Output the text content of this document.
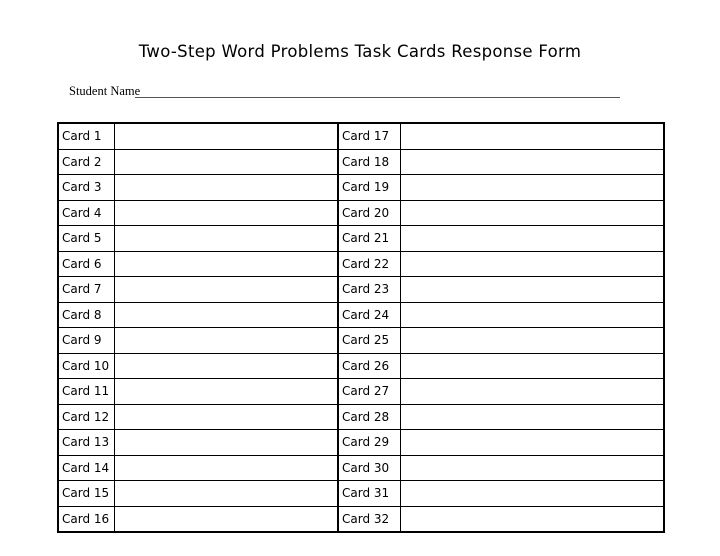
Two-Step Word Problems Task Cards Response Form
Student Name
Card 1		Card 17	
Card 2		Card 18	
Card 3		Card 19	
Card 4		Card 20	
Card 5		Card 21	
Card 6		Card 22	
Card 7		Card 23	
Card 8		Card 24	
Card 9		Card 25	
Card 10		Card 26	
Card 11		Card 27	
Card 12		Card 28	
Card 13		Card 29	
Card 14		Card 30	
Card 15		Card 31	
Card 16		Card 32	
